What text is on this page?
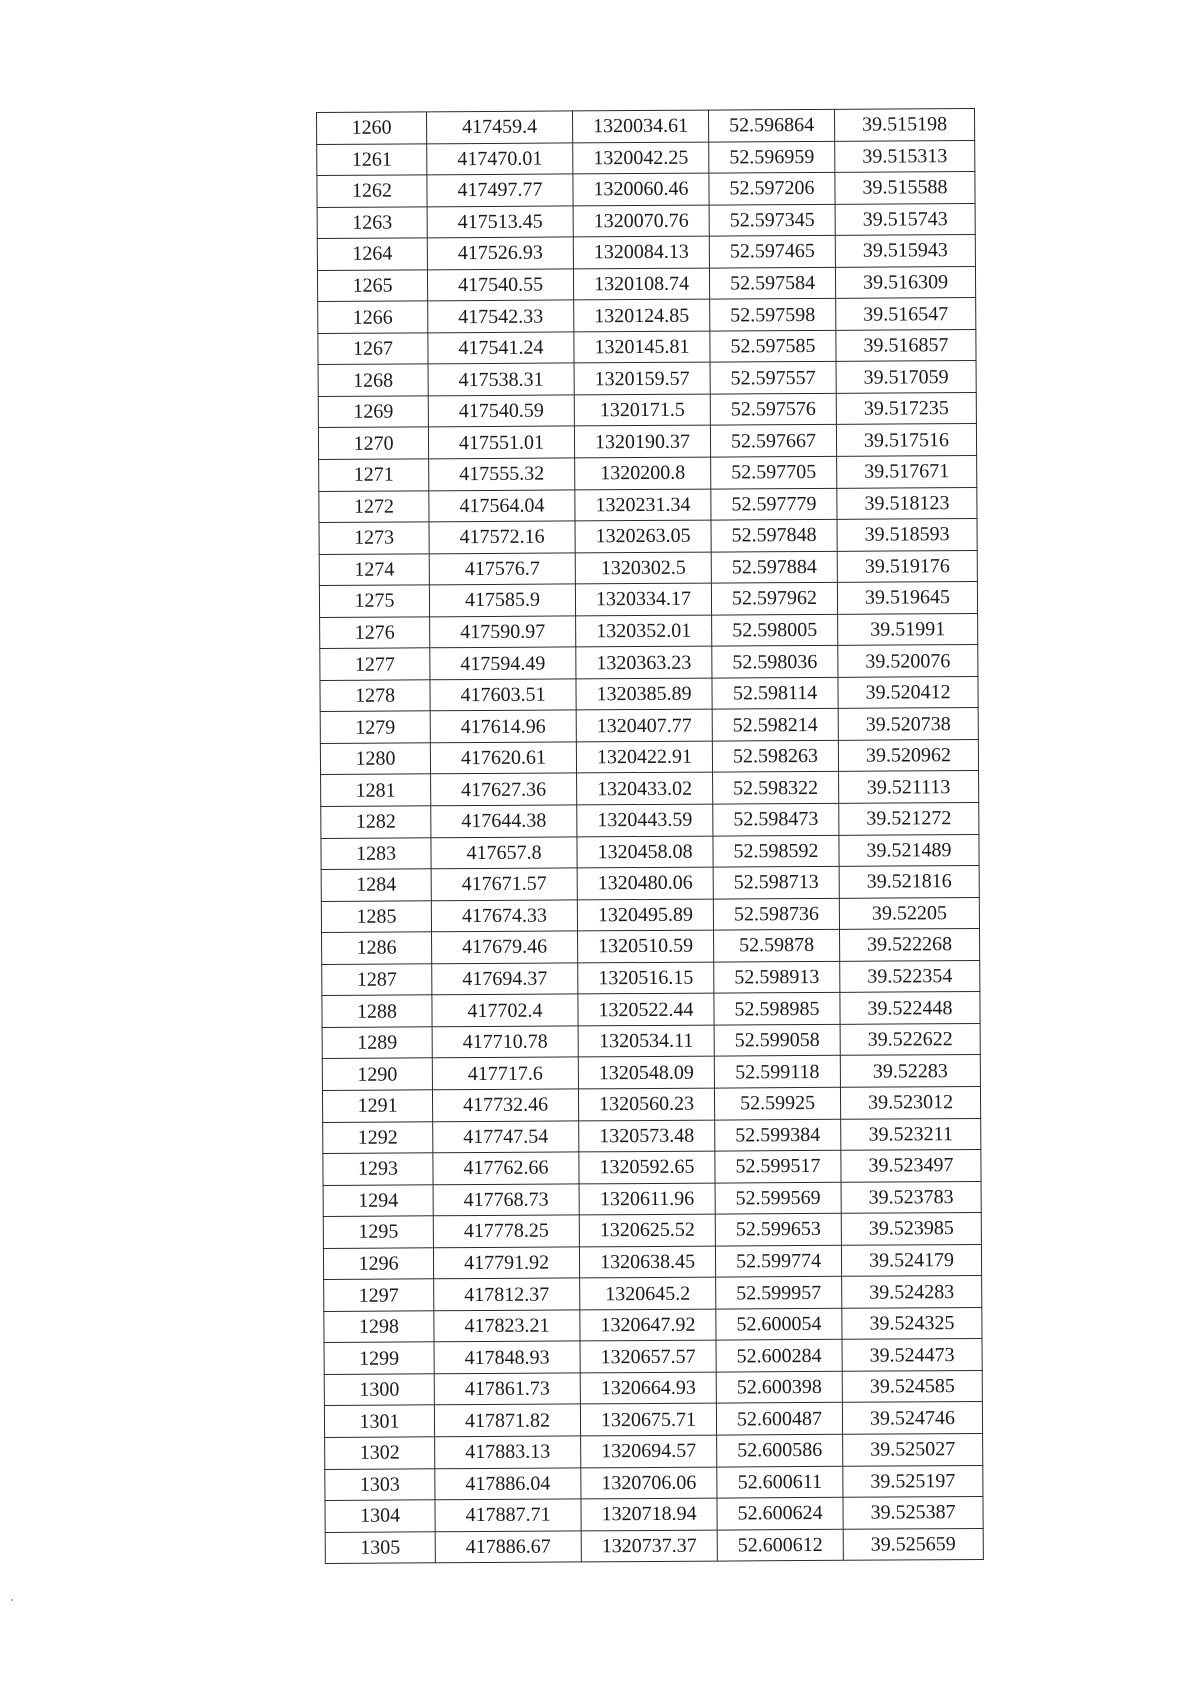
1260	417459.4	1320034.61	52.596864	39.515198
1261	417470.01	1320042.25	52.596959	39.515313
1262	417497.77	1320060.46	52.597206	39.515588
1263	417513.45	1320070.76	52.597345	39.515743
1264	417526.93	1320084.13	52.597465	39.515943
1265	417540.55	1320108.74	52.597584	39.516309
1266	417542.33	1320124.85	52.597598	39.516547
1267	417541.24	1320145.81	52.597585	39.516857
1268	417538.31	1320159.57	52.597557	39.517059
1269	417540.59	1320171.5	52.597576	39.517235
1270	417551.01	1320190.37	52.597667	39.517516
1271	417555.32	1320200.8	52.597705	39.517671
1272	417564.04	1320231.34	52.597779	39.518123
1273	417572.16	1320263.05	52.597848	39.518593
1274	417576.7	1320302.5	52.597884	39.519176
1275	417585.9	1320334.17	52.597962	39.519645
1276	417590.97	1320352.01	52.598005	39.51991
1277	417594.49	1320363.23	52.598036	39.520076
1278	417603.51	1320385.89	52.598114	39.520412
1279	417614.96	1320407.77	52.598214	39.520738
1280	417620.61	1320422.91	52.598263	39.520962
1281	417627.36	1320433.02	52.598322	39.521113
1282	417644.38	1320443.59	52.598473	39.521272
1283	417657.8	1320458.08	52.598592	39.521489
1284	417671.57	1320480.06	52.598713	39.521816
1285	417674.33	1320495.89	52.598736	39.52205
1286	417679.46	1320510.59	52.59878	39.522268
1287	417694.37	1320516.15	52.598913	39.522354
1288	417702.4	1320522.44	52.598985	39.522448
1289	417710.78	1320534.11	52.599058	39.522622
1290	417717.6	1320548.09	52.599118	39.52283
1291	417732.46	1320560.23	52.59925	39.523012
1292	417747.54	1320573.48	52.599384	39.523211
1293	417762.66	1320592.65	52.599517	39.523497
1294	417768.73	1320611.96	52.599569	39.523783
1295	417778.25	1320625.52	52.599653	39.523985
1296	417791.92	1320638.45	52.599774	39.524179
1297	417812.37	1320645.2	52.599957	39.524283
1298	417823.21	1320647.92	52.600054	39.524325
1299	417848.93	1320657.57	52.600284	39.524473
1300	417861.73	1320664.93	52.600398	39.524585
1301	417871.82	1320675.71	52.600487	39.524746
1302	417883.13	1320694.57	52.600586	39.525027
1303	417886.04	1320706.06	52.600611	39.525197
1304	417887.71	1320718.94	52.600624	39.525387
1305	417886.67	1320737.37	52.600612	39.525659
